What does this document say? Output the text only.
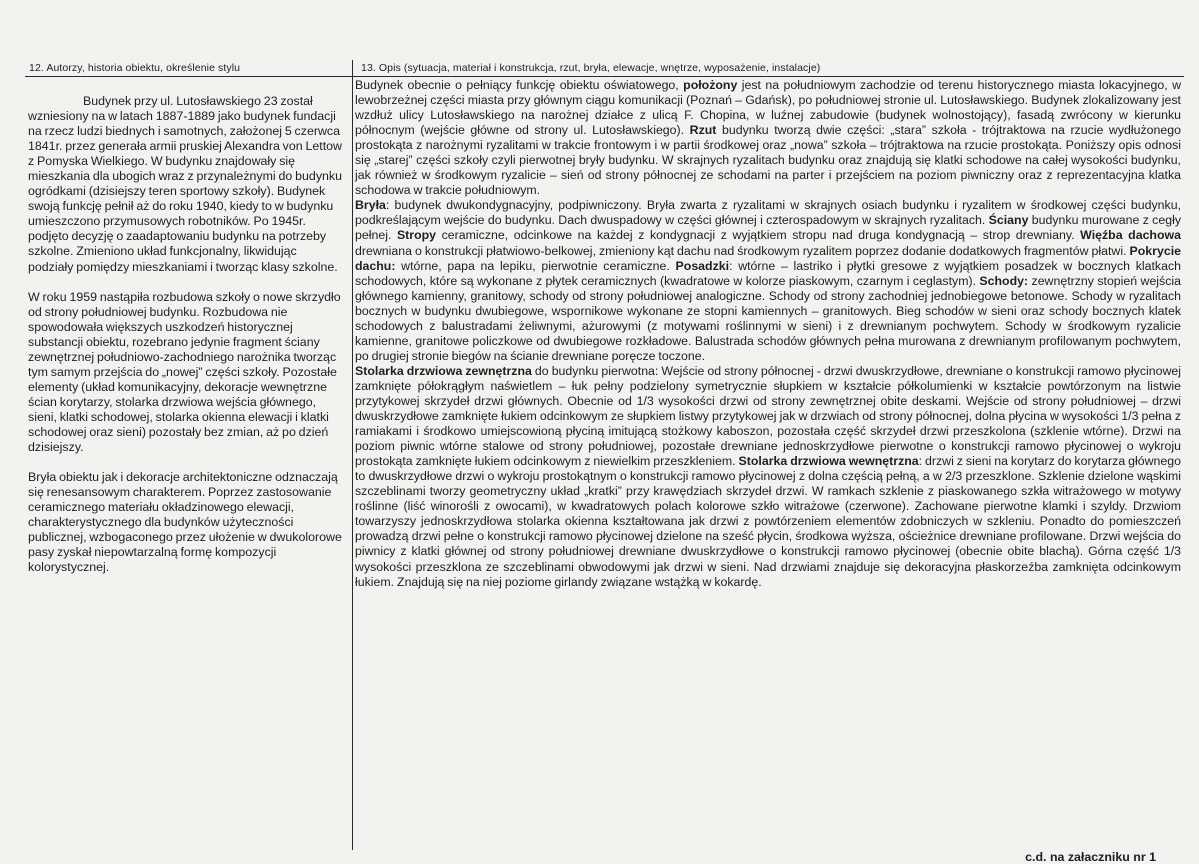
12. Autorzy, historia obiektu, określenie stylu	13. Opis (sytuacja, materiał i konstrukcja, rzut, bryła, elewacje, wnętrze, wyposażenie, instalacje)

Budynek przy ul. Lutosławskiego 23 został wzniesiony na w latach 1887-1889 jako budynek fundacji na rzecz ludzi biednych i samotnych, założonej 5 czerwca 1841r. przez generała armii pruskiej Alexandra von Lettow z Pomyska Wielkiego. W budynku znajdowały się mieszkania dla ubogich wraz z przynależnymi do budynku ogródkami (dzisiejszy teren sportowy szkoły). Budynek swoją funkcję pełnił aż do roku 1940, kiedy to w budynku umieszczono przymusowych robotników. Po 1945r. podjęto decyzję o zaadaptowaniu budynku na potrzeby szkolne. Zmieniono układ funkcjonalny, likwidując podziały pomiędzy mieszkaniami i tworząc klasy szkolne.

W roku 1959 nastąpiła rozbudowa szkoły o nowe skrzydło od strony południowej budynku. Rozbudowa nie spowodowała większych uszkodzeń historycznej substancji obiektu, rozebrano jedynie fragment ściany zewnętrznej południowo-zachodniego narożnika tworząc tym samym przejścia do „nowej” części szkoły. Pozostałe elementy (układ komunikacyjny, dekoracje wewnętrzne ścian korytarzy, stolarka drzwiowa wejścia głównego, sieni, klatki schodowej, stolarka okienna elewacji i klatki schodowej oraz sieni) pozostały bez zmian, aż po dzień dzisiejszy.

Bryła obiektu jak i dekoracje architektoniczne odznaczają się renesansowym charakterem. Poprzez zastosowanie ceramicznego materiału okładzinowego elewacji, charakterystycznego dla budynków użyteczności publicznej, wzbogaconego przez ułożenie w dwukolorowe pasy zyskał niepowtarzalną formę kompozycji kolorystycznej.

Budynek obecnie o pełniący funkcję obiektu oświatowego, położony jest na południowym zachodzie od terenu historycznego miasta lokacyjnego, w lewobrzeżnej części miasta przy głównym ciągu komunikacji (Poznań – Gdańsk), po południowej stronie ul. Lutosławskiego. Budynek zlokalizowany jest wzdłuż ulicy Lutosławskiego na narożnej działce z ulicą F. Chopina, w luźnej zabudowie (budynek wolnostojący), fasadą zwrócony w kierunku północnym (wejście główne od strony ul. Lutosławskiego). Rzut budynku tworzą dwie części: „stara” szkoła - trójtraktowa na rzucie wydłużonego prostokąta z narożnymi ryzalitami w trakcie frontowym i w partii środkowej oraz „nowa” szkoła – trójtraktowa na rzucie prostokąta. Poniższy opis odnosi się „starej” części szkoły czyli pierwotnej bryły budynku. W skrajnych ryzalitach budynku oraz znajdują się klatki schodowe na całej wysokości budynku, jak również w środkowym ryzalicie – sień od strony północnej ze schodami na parter i przejściem na poziom piwniczny oraz z reprezentacyjna klatka schodowa w trakcie południowym.

Bryła: budynek dwukondygnacyjny, podpiwniczony. Bryła zwarta z ryzalitami w skrajnych osiach budynku i ryzalitem w środkowej części budynku, podkreślającym wejście do budynku. Dach dwuspadowy w części głównej i czterospadowym w skrajnych ryzalitach. Ściany budynku murowane z cegły pełnej. Stropy ceramiczne, odcinkowe na każdej z kondygnacji z wyjątkiem stropu nad druga kondygnacją – strop drewniany. Więźba dachowa drewniana o konstrukcji płatwiowo-belkowej, zmieniony kąt dachu nad środkowym ryzalitem poprzez dodanie dodatkowych fragmentów płatwi. Pokrycie dachu: wtórne, papa na lepiku, pierwotnie ceramiczne. Posadzki: wtórne – lastriko i płytki gresowe z wyjątkiem posadzek w bocznych klatkach schodowych, które są wykonane z płytek ceramicznych (kwadratowe w kolorze piaskowym, czarnym i ceglastym). Schody: zewnętrzny stopień wejścia głównego kamienny, granitowy, schody od strony południowej analogiczne. Schody od strony zachodniej jednobiegowe betonowe. Schody w ryzalitach bocznych w budynku dwubiegowe, wspornikowe wykonane ze stopni kamiennych – granitowych. Bieg schodów w sieni oraz schody bocznych klatek schodowych z balustradami żeliwnymi, ażurowymi (z motywami roślinnymi w sieni) i z drewnianym pochwytem. Schody w środkowym ryzalicie kamienne, granitowe policzkowe od dwubiegowe rozkładowe. Balustrada schodów głównych pełna murowana z drewnianym profilowanym pochwytem, po drugiej stronie biegów na ścianie drewniane poręcze toczone.

Stolarka drzwiowa zewnętrzna do budynku pierwotna: Wejście od strony północnej - drzwi dwuskrzydłowe, drewniane o konstrukcji ramowo płycinowej zamknięte półokrągłym naświetlem – łuk pełny podzielony symetrycznie słupkiem w kształcie półkolumienki w kształcie powtórzonym na listwie przytykowej skrzydeł drzwi głównych. Obecnie od 1/3 wysokości drzwi od strony zewnętrznej obite deskami. Wejście od strony południowej – drzwi dwuskrzydłowe zamknięte łukiem odcinkowym ze słupkiem listwy przytykowej jak w drzwiach od strony północnej, dolna płycina w wysokości 1/3 pełna z ramiakami i środkowo umiejscowioną płyciną imitującą stożkowy kaboszon, pozostała część skrzydeł drzwi przeszkolona (szklenie wtórne). Drzwi na poziom piwnic wtórne stalowe od strony południowej, pozostałe drewniane jednoskrzydłowe pierwotne o konstrukcji ramowo płycinowej o wykroju prostokąta zamknięte łukiem odcinkowym z niewielkim przeszkleniem. Stolarka drzwiowa wewnętrzna: drzwi z sieni na korytarz do korytarza głównego to dwuskrzydłowe drzwi o wykroju prostokątnym o konstrukcji ramowo płycinowej z dolna częścią pełną, a w 2/3 przeszklone. Szklenie dzielone wąskimi szczeblinami tworzy geometryczny układ „kratki” przy krawędziach skrzydeł drzwi. W ramkach szklenie z piaskowanego szkła witrażowego w motywy roślinne (liść winorośli z owocami), w kwadratowych polach kolorowe szkło witrażowe (czerwone). Zachowane pierwotne klamki i szyldy. Drzwiom towarzyszy jednoskrzydłowa stolarka okienna kształtowana jak drzwi z powtórzeniem elementów zdobniczych w szkleniu. Ponadto do pomieszczeń prowadzą drzwi pełne o konstrukcji ramowo płycinowej dzielone na sześć płycin, środkowa wyższa, ościeżnice drewniane profilowane. Drzwi wejścia do piwnicy z klatki głównej od strony południowej drewniane dwuskrzydłowe o konstrukcji ramowo płycinowej (obecnie obite blachą). Górna część 1/3 wysokości przeszklona ze szczeblinami obwodowymi jak drzwi w sieni. Nad drzwiami znajduje się dekoracyjna płaskorzeźba zamknięta odcinkowym łukiem. Znajdują się na niej poziome girlandy związane wstążką w kokardę.

c.d. na załaczniku nr 1
